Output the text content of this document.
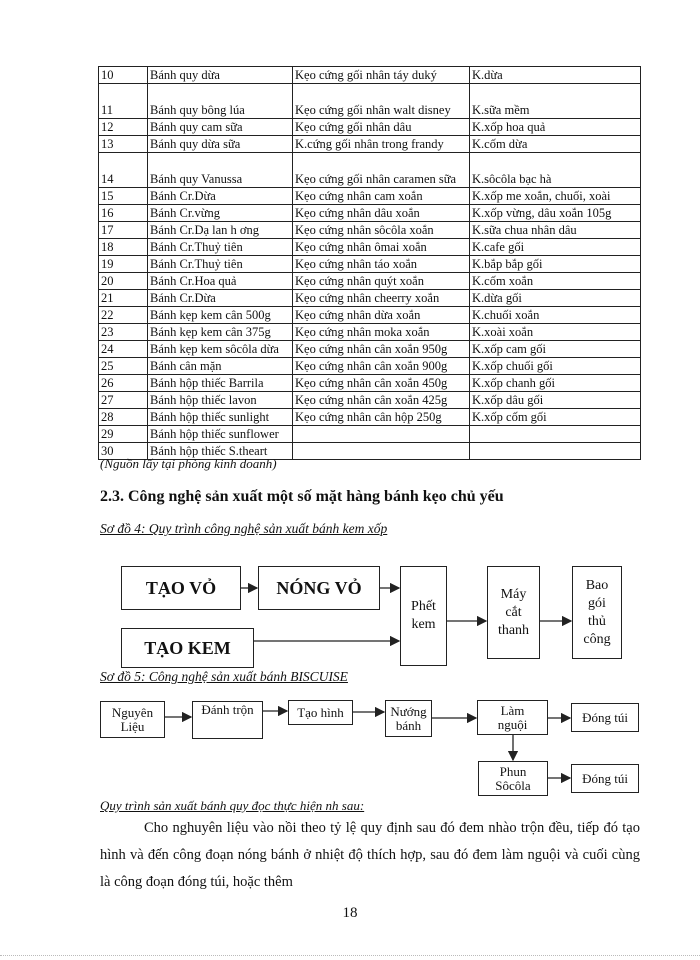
10	Bánh quy dừa	Kẹo cứng gối nhân táy duký	K.dừa
11	Bánh quy bông lúa	Kẹo cứng gối nhân walt disney	K.sữa mềm
12	Bánh quy cam sữa	Kẹo cứng gối nhân dâu	K.xốp hoa quả
13	Bánh quy dừa sữa	K.cứng gối nhân trong frandy	K.cốm dừa
14	Bánh quy Vanussa	Kẹo cứng gối nhân caramen sữa	K.sôcôla bạc hà
15	Bánh Cr.Dừa	Kẹo cứng nhân cam xoắn	K.xốp me xoắn, chuối, xoài
16	Bánh Cr.vừng	Kẹo cứng nhân dâu xoắn	K.xốp vừng, dâu xoắn 105g
17	Bánh Cr.Dạ lan h ơng	Kẹo cứng nhân sôcôla xoắn	K.sữa chua nhân dâu
18	Bánh Cr.Thuỷ tiên	Kẹo cứng nhân ômai xoắn	K.cafe gối
19	Bánh Cr.Thuỷ tiên	Kẹo cứng nhân táo xoắn	K.bắp bắp gối
20	Bánh Cr.Hoa quả	Kẹo cứng nhân quýt xoắn	K.cốm xoắn
21	Bánh Cr.Dừa	Kẹo cứng nhân cheerry xoắn	K.dừa gối
22	Bánh kẹp kem cân 500g	Kẹo cứng nhân dừa xoắn	K.chuối xoắn
23	Bánh kẹp kem cân 375g	Kẹo cứng nhân moka xoắn	K.xoài xoắn
24	Bánh kẹp kem sôcôla dừa	Kẹo cứng nhân cân xoắn 950g	K.xốp cam gối
25	Bánh cân mặn	Kẹo cứng nhân cân xoắn 900g	K.xốp chuối gối
26	Bánh hộp thiếc Barrila	Kẹo cứng nhân cân xoắn 450g	K.xốp chanh gối
27	Bánh hộp thiếc lavon	Kẹo cứng nhân cân xoắn 425g	K.xốp dâu gối
28	Bánh hộp thiếc sunlight	Kẹo cứng nhân cân hộp 250g	K.xốp cốm gối
29	Bánh hộp thiếc sunflower		
30	Bánh hộp thiếc S.theart		
(Nguồn lấy tại phòng kinh doanh)
2.3. Công nghệ sản xuất một số mặt hàng bánh kẹo chủ yếu
Sơ đồ 4: Quy trình công nghệ sản xuất bánh kem xốp
TẠO VỎ	NÓNG VỎ
TẠO KEM
Phết kem
Máy cắt thanh
Bao gói thủ công
Sơ đồ 5: Công nghệ sản xuất bánh BISCUISE
Nguyên Liệu
Đánh trộn	Tạo hình	Nướng bánh
Làm nguội	Đóng túi
Phun Sôcôla	Đóng túi
Quy trình sản xuất bánh quy đọc thực hiện nh sau:

Cho nghuyên liệu vào nồi theo tỷ lệ quy định sau đó đem nhào trộn đều, tiếp đó tạo hình và đến công đoạn nóng bánh ở nhiệt độ thích hợp, sau đó đem làm nguội và cuối cùng là công đoạn đóng túi, hoặc thêm

18
